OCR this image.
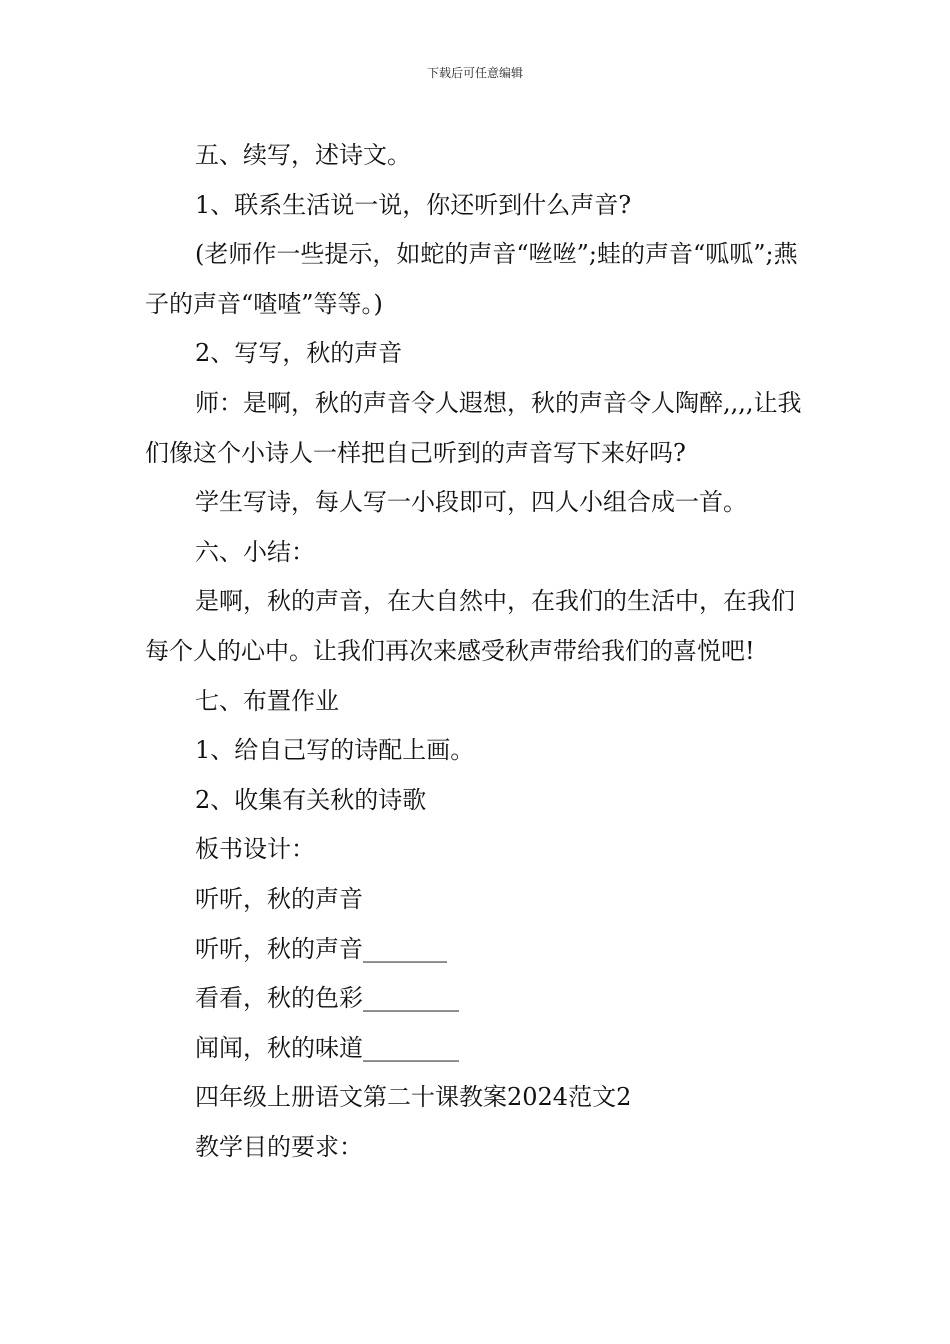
下载后可任意编辑

五、续写，述诗文。

1、联系生活说一说，你还听到什么声音?

(老师作一些提示，如蛇的声音“咝咝”;蛙的声音“呱呱”;燕子的声音“喳喳”等等。)

2、写写，秋的声音

师：是啊，秋的声音令人遐想，秋的声音令人陶醉,,,,让我们像这个小诗人一样把自己听到的声音写下来好吗?

学生写诗，每人写一小段即可，四人小组合成一首。

六、小结：

是啊，秋的声音，在大自然中，在我们的生活中，在我们每个人的心中。让我们再次来感受秋声带给我们的喜悦吧!

七、布置作业

1、给自己写的诗配上画。

2、收集有关秋的诗歌

板书设计：

听听，秋的声音

听听，秋的声音_______

看看，秋的色彩________

闻闻，秋的味道________

四年级上册语文第二十课教案2024范文2

教学目的要求：
